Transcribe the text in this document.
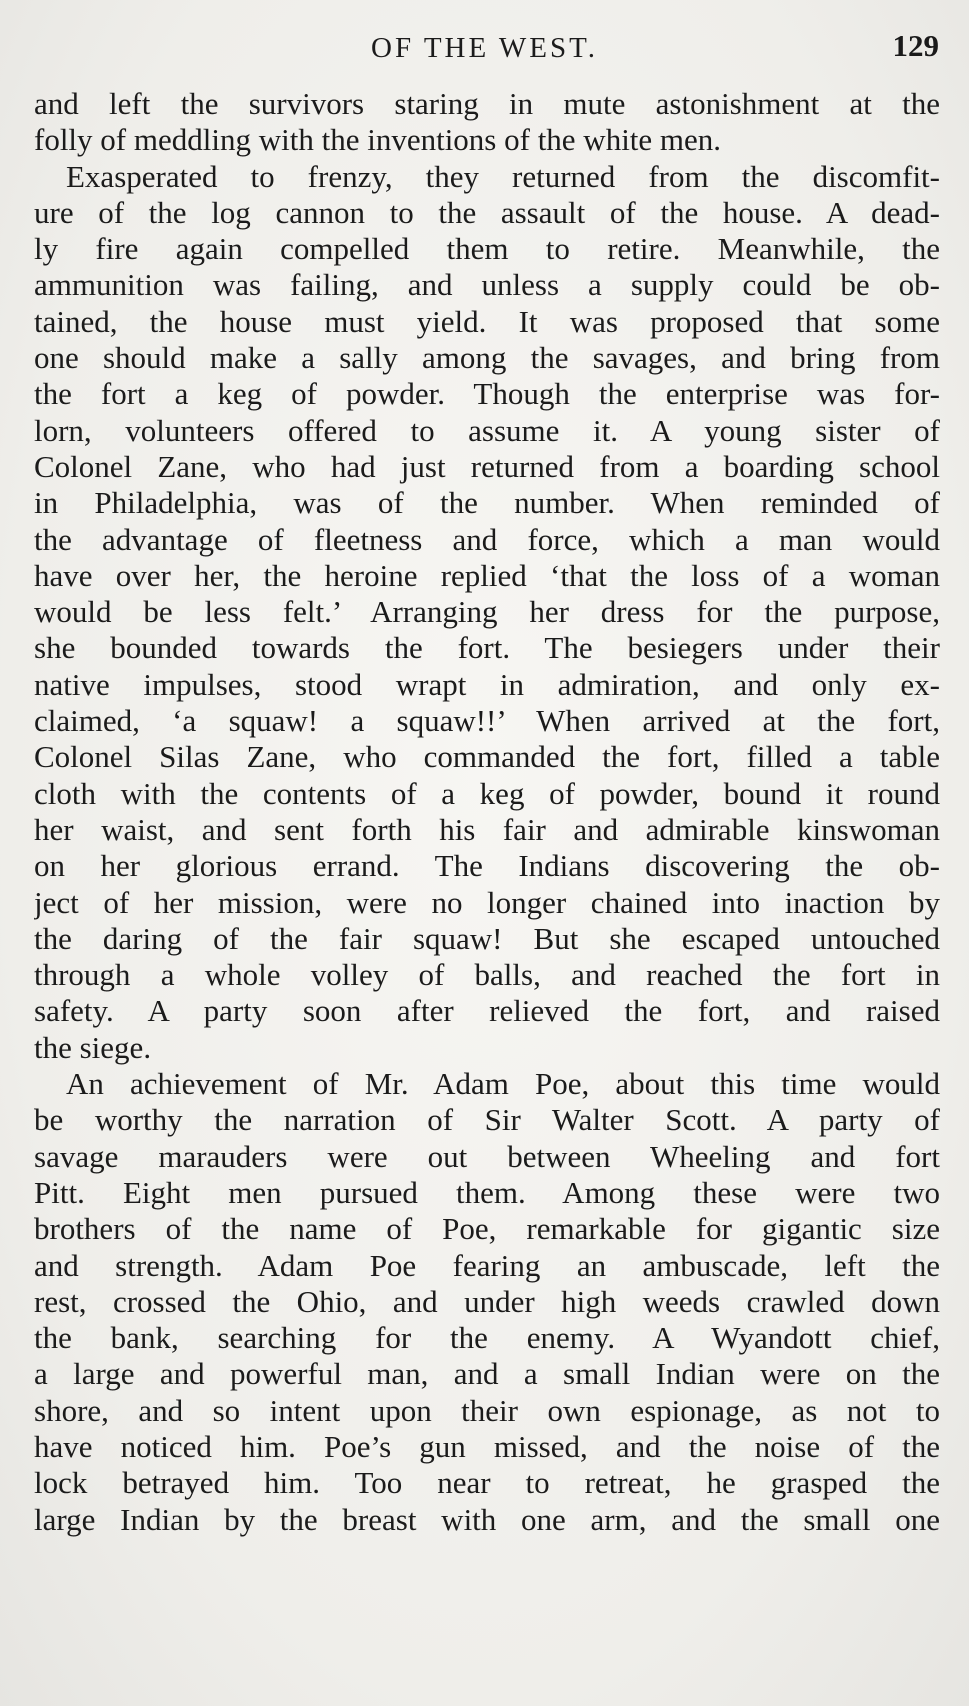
OF THE WEST.	129
and left the survivors staring in mute astonishment at the
folly of meddling with the inventions of the white men.
Exasperated to frenzy, they returned from the discomfit-
ure of the log cannon to the assault of the house. A dead-
ly fire again compelled them to retire. Meanwhile, the
ammunition was failing, and unless a supply could be ob-
tained, the house must yield. It was proposed that some
one should make a sally among the savages, and bring from
the fort a keg of powder. Though the enterprise was for-
lorn, volunteers offered to assume it. A young sister of
Colonel Zane, who had just returned from a boarding school
in Philadelphia, was of the number. When reminded of
the advantage of fleetness and force, which a man would
have over her, the heroine replied ‘that the loss of a woman
would be less felt.’ Arranging her dress for the purpose,
she bounded towards the fort. The besiegers under their
native impulses, stood wrapt in admiration, and only ex-
claimed, ‘a squaw! a squaw!!’ When arrived at the fort,
Colonel Silas Zane, who commanded the fort, filled a table
cloth with the contents of a keg of powder, bound it round
her waist, and sent forth his fair and admirable kinswoman
on her glorious errand. The Indians discovering the ob-
ject of her mission, were no longer chained into inaction by
the daring of the fair squaw! But she escaped untouched
through a whole volley of balls, and reached the fort in
safety. A party soon after relieved the fort, and raised
the siege.
An achievement of Mr. Adam Poe, about this time would
be worthy the narration of Sir Walter Scott. A party of
savage marauders were out between Wheeling and fort
Pitt. Eight men pursued them. Among these were two
brothers of the name of Poe, remarkable for gigantic size
and strength. Adam Poe fearing an ambuscade, left the
rest, crossed the Ohio, and under high weeds crawled down
the bank, searching for the enemy. A Wyandott chief,
a large and powerful man, and a small Indian were on the
shore, and so intent upon their own espionage, as not to
have noticed him. Poe’s gun missed, and the noise of the
lock betrayed him. Too near to retreat, he grasped the
large Indian by the breast with one arm, and the small one
